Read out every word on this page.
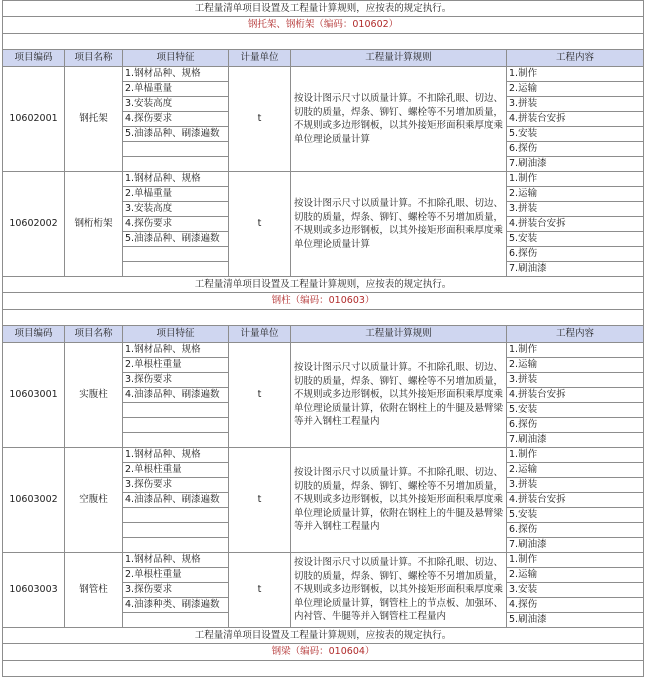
工程量清单项目设置及工程量计算规则，应按表的规定执行。					
钢托架、钢桁架（编码：010602）					

项目编码	项目名称	项目特征	计量单位	工程量计算规则	工程内容
10602001	钢托架	1.钢材品种、规格	t	按设计图示尺寸以质量计算。不扣除孔眼、切边、切肢的质量，焊条、铆钉、螺栓等不另增加质量，不规则或多边形钢板，以其外接矩形面积乘厚度乘单位理论质量计算	1.制作
		2.单榀重量			2.运输
		3.安装高度			3.拼装
		4.探伤要求			4.拼装台安拆
		5.油漆品种、刷漆遍数			5.安装
					6.探伤
					7.刷油漆
10602002	钢桁桁架	1.钢材品种、规格	t	按设计图示尺寸以质量计算。不扣除孔眼、切边、切肢的质量，焊条、铆钉、螺栓等不另增加质量，不规则或多边形钢板，以其外接矩形面积乘厚度乘单位理论质量计算	1.制作
		2.单榀重量			2.运输
		3.安装高度			3.拼装
		4.探伤要求			4.拼装台安拆
		5.油漆品种、刷漆遍数			5.安装
					6.探伤
					7.刷油漆
工程量清单项目设置及工程量计算规则，应按表的规定执行。					
钢柱（编码：010603）					

项目编码	项目名称	项目特征	计量单位	工程量计算规则	工程内容
10603001	实腹柱	1.钢材品种、规格	t	按设计图示尺寸以质量计算。不扣除孔眼、切边、切肢的质量，焊条、铆钉、螺栓等不另增加质量，不规则或多边形钢板，以其外接矩形面积乘厚度乘单位理论质量计算，依附在钢柱上的牛腿及悬臂梁等并入钢柱工程量内	1.制作
		2.单根柱重量			2.运输
		3.探伤要求			3.拼装
		4.油漆品种、刷漆遍数			4.拼装台安拆
					5.安装
					6.探伤
					7.刷油漆
10603002	空腹柱	1.钢材品种、规格	t	按设计图示尺寸以质量计算。不扣除孔眼、切边、切肢的质量，焊条、铆钉、螺栓等不另增加质量，不规则或多边形钢板，以其外接矩形面积乘厚度乘单位理论质量计算，依附在钢柱上的牛腿及悬臂梁等并入钢柱工程量内	1.制作
		2.单根柱重量			2.运输
		3.探伤要求			3.拼装
		4.油漆品种、刷漆遍数			4.拼装台安拆
					5.安装
					6.探伤
					7.刷油漆
10603003	钢管柱	1.钢材品种、规格	t	按设计图示尺寸以质量计算。不扣除孔眼、切边、切肢的质量，焊条、铆钉、螺栓等不另增加质量，不规则或多边形钢板，以其外接矩形面积乘厚度乘单位理论质量计算，钢管柱上的节点板、加强环、内衬管、牛腿等并入钢管柱工程量内	1.制作
		2.单根柱重量			2.运输
		3.探伤要求			3.安装
		4.油漆种类、刷漆遍数			4.探伤
					5.刷油漆
工程量清单项目设置及工程量计算规则，应按表的规定执行。					
钢梁（编码：010604）					
